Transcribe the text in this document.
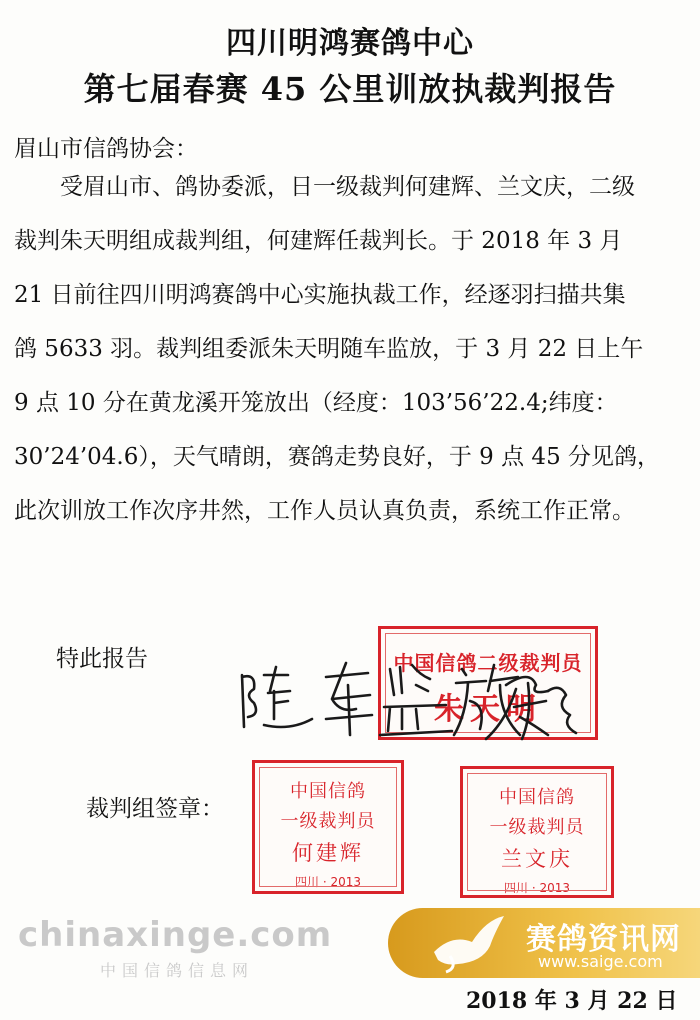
四川明鸿赛鸽中心
第七届春赛 45 公里训放执裁判报告
眉山市信鸽协会：
受眉山市、鸽协委派，日一级裁判何建辉、兰文庆，二级
裁判朱天明组成裁判组，何建辉任裁判长。于 2018 年 3 月
21 日前往四川明鸿赛鸽中心实施执裁工作，经逐羽扫描共集
鸽 5633 羽。裁判组委派朱天明随车监放，于 3 月 22 日上午
9 点 10 分在黄龙溪开笼放出（经度：103’56’22.4;纬度：
30’24’04.6），天气晴朗，赛鸽走势良好，于 9 点 45 分见鸽，
此次训放工作次序井然，工作人员认真负责，系统工作正常。
特此报告	中国信鸽二级裁判员
朱天明
裁判组签章：
中国信鸽
一级裁判员
何建辉
四川 · 2013
中国信鸽
一级裁判员
兰文庆
四川 · 2013
chinaxinge.com
中国信鸽信息网
赛鸽资讯网
www.saige.com
2018 年 3 月 22 日
